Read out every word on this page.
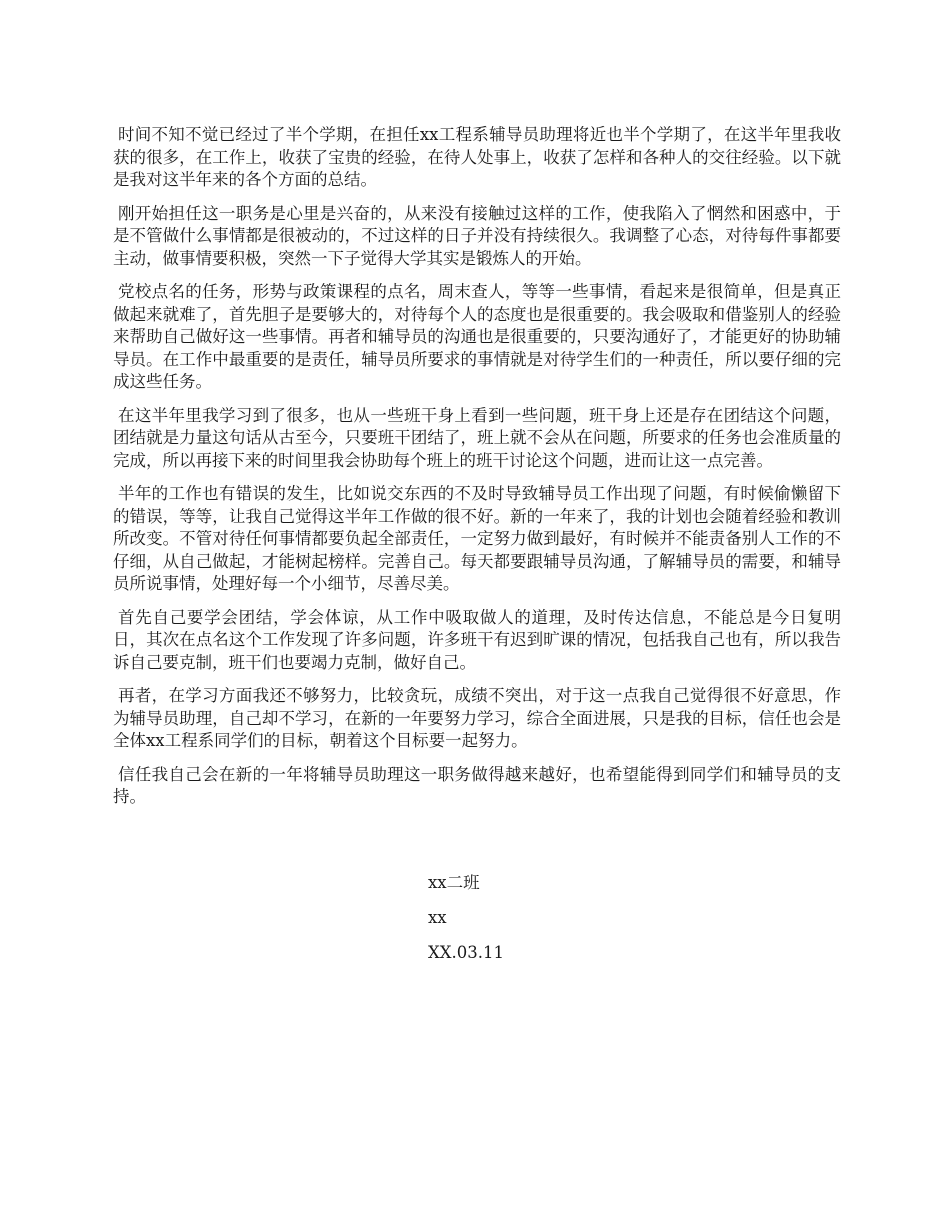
时间不知不觉已经过了半个学期，在担任xx工程系辅导员助理将近也半个学期了，在这半年里我收获的很多，在工作上，收获了宝贵的经验，在待人处事上，收获了怎样和各种人的交往经验。以下就是我对这半年来的各个方面的总结。

刚开始担任这一职务是心里是兴奋的，从来没有接触过这样的工作，使我陷入了惘然和困惑中，于是不管做什么事情都是很被动的，不过这样的日子并没有持续很久。我调整了心态，对待每件事都要主动，做事情要积极，突然一下子觉得大学其实是锻炼人的开始。

党校点名的任务，形势与政策课程的点名，周末查人，等等一些事情，看起来是很简单，但是真正做起来就难了，首先胆子是要够大的，对待每个人的态度也是很重要的。我会吸取和借鉴别人的经验来帮助自己做好这一些事情。再者和辅导员的沟通也是很重要的，只要沟通好了，才能更好的协助辅导员。在工作中最重要的是责任，辅导员所要求的事情就是对待学生们的一种责任，所以要仔细的完成这些任务。

在这半年里我学习到了很多，也从一些班干身上看到一些问题，班干身上还是存在团结这个问题，团结就是力量这句话从古至今，只要班干团结了，班上就不会从在问题，所要求的任务也会准质量的完成，所以再接下来的时间里我会协助每个班上的班干讨论这个问题，进而让这一点完善。

半年的工作也有错误的发生，比如说交东西的不及时导致辅导员工作出现了问题，有时候偷懒留下的错误，等等，让我自己觉得这半年工作做的很不好。新的一年来了，我的计划也会随着经验和教训所改变。不管对待任何事情都要负起全部责任，一定努力做到最好，有时候并不能责备别人工作的不仔细，从自己做起，才能树起榜样。完善自己。每天都要跟辅导员沟通，了解辅导员的需要，和辅导员所说事情，处理好每一个小细节，尽善尽美。

首先自己要学会团结，学会体谅，从工作中吸取做人的道理，及时传达信息，不能总是今日复明日，其次在点名这个工作发现了许多问题，许多班干有迟到旷课的情况，包括我自己也有，所以我告诉自己要克制，班干们也要竭力克制，做好自己。

再者，在学习方面我还不够努力，比较贪玩，成绩不突出，对于这一点我自己觉得很不好意思，作为辅导员助理，自己却不学习，在新的一年要努力学习，综合全面进展，只是我的目标，信任也会是全体xx工程系同学们的目标，朝着这个目标要一起努力。

信任我自己会在新的一年将辅导员助理这一职务做得越来越好，也希望能得到同学们和辅导员的支持。

xx二班
xx
XX.03.11
